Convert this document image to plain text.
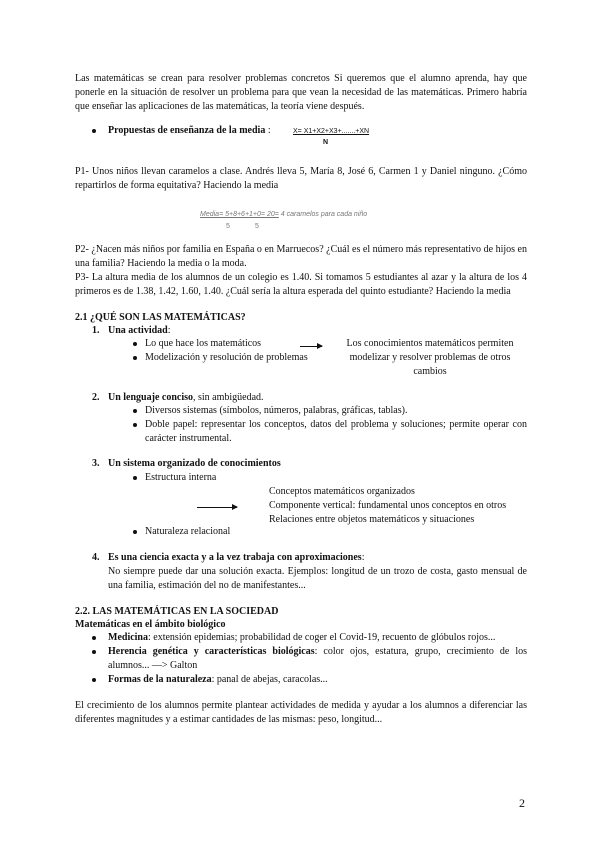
Las matemáticas se crean para resolver problemas concretos Si queremos que el alumno aprenda, hay que
ponerle en la situación de resolver un problema para que vean la necesidad de las matemáticas. Primero habría
que enseñar las aplicaciones de las matemáticas, la teoría viene después.
Propuestas de enseñanza de la media :	X= X1+X2+X3+.......+XN
N
P1- Unos niños llevan caramelos a clase. Andrés lleva 5, María 8, José 6, Carmen 1 y Daniel ninguno. ¿Cómo
repartirlos de forma equitativa? Haciendo la media
Media= 5+8+6+1+0= 20= 4 caramelos para cada niño
5	5
P2- ¿Nacen más niños por familia en España o en Marruecos? ¿Cuál es el número más representativo de hijos en
una familia? Haciendo la media o la moda.
P3- La altura media de los alumnos de un colegio es 1.40. Si tomamos 5 estudiantes al azar y la altura de los 4
primeros es de 1.38, 1.42, 1.60, 1.40. ¿Cuál sería la altura esperada del quinto estudiante? Haciendo la media
2.1 ¿QUÉ SON LAS MATEMÁTICAS?
1. Una actividad:
Lo que hace los matemáticos
Modelización y resolución de problemas
Los conocimientos matemáticos permiten
modelizar y resolver problemas de otros
cambios
2. Un lenguaje conciso, sin ambigüedad.
Diversos sistemas (símbolos, números, palabras, gráficas, tablas).
Doble papel: representar los conceptos, datos del problema y soluciones; permite operar con
carácter instrumental.
3. Un sistema organizado de conocimientos
Estructura interna
Conceptos matemáticos organizados
Componente vertical: fundamental unos conceptos en otros
Relaciones entre objetos matemáticos y situaciones
Naturaleza relacional
4. Es una ciencia exacta y a la vez trabaja con aproximaciones:
No siempre puede dar una solución exacta. Ejemplos: longitud de un trozo de costa, gasto mensual de
una familia, estimación del no de manifestantes...
2.2. LAS MATEMÁTICAS EN LA SOCIEDAD
Matemáticas en el ámbito biológico
Medicina: extensión epidemias; probabilidad de coger el Covid-19, recuento de glóbulos rojos...
Herencia genética y características biológicas: color ojos, estatura, grupo, crecimiento de los
alumnos... —> Galton
Formas de la naturaleza: panal de abejas, caracolas...
El crecimiento de los alumnos permite plantear actividades de medida y ayudar a los alumnos a diferenciar las
diferentes magnitudes y a estimar cantidades de las mismas: peso, longitud...
2
